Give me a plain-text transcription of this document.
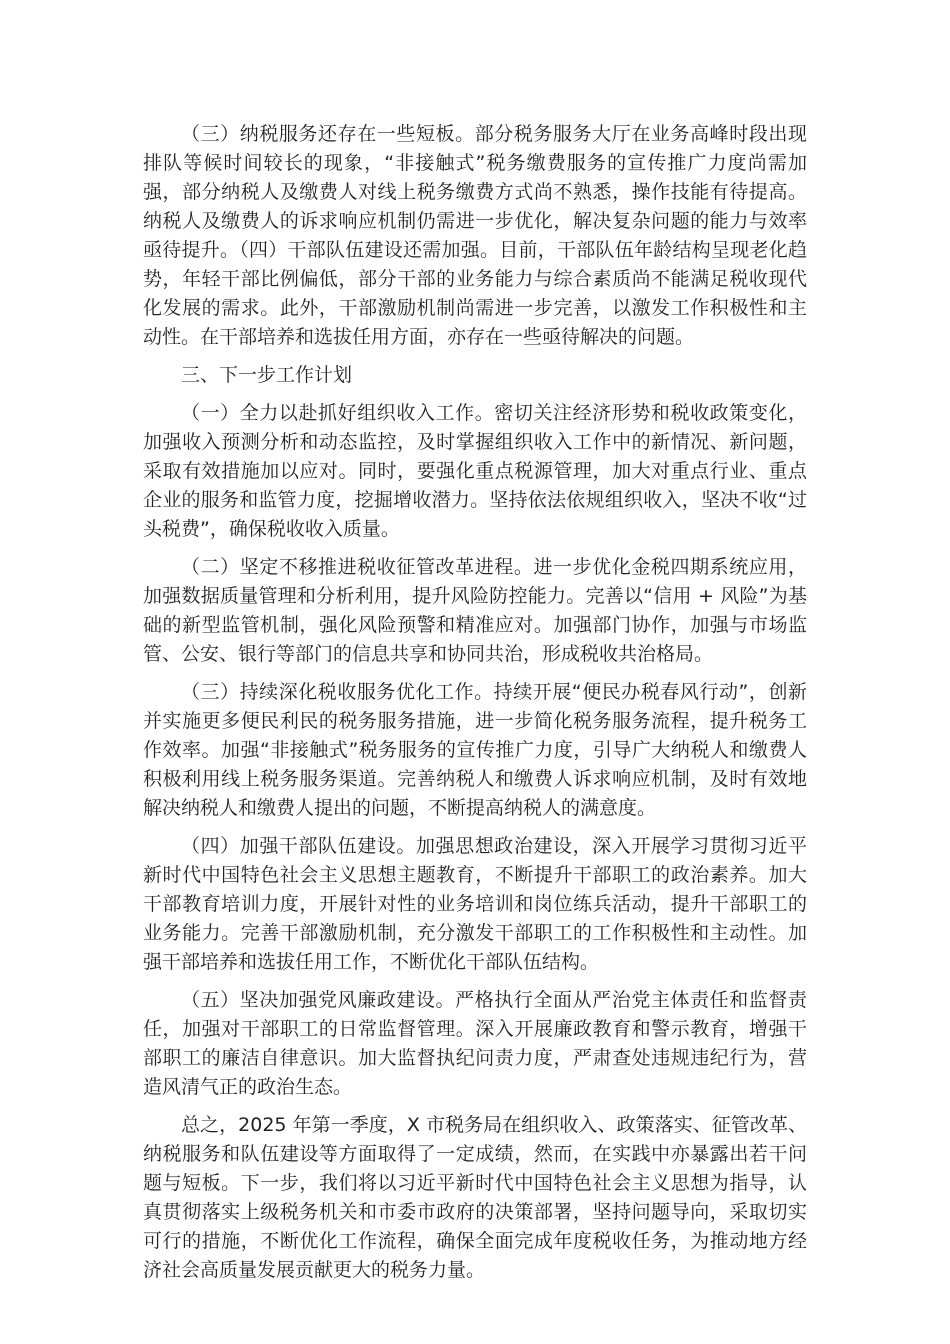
（三）纳税服务还存在一些短板。部分税务服务大厅在业务高峰时段出现排队等候时间较长的现象，“非接触式”税务缴费服务的宣传推广力度尚需加强，部分纳税人及缴费人对线上税务缴费方式尚不熟悉，操作技能有待提高。纳税人及缴费人的诉求响应机制仍需进一步优化，解决复杂问题的能力与效率亟待提升。（四）干部队伍建设还需加强。目前，干部队伍年龄结构呈现老化趋势，年轻干部比例偏低，部分干部的业务能力与综合素质尚不能满足税收现代化发展的需求。此外，干部激励机制尚需进一步完善，以激发工作积极性和主动性。在干部培养和选拔任用方面，亦存在一些亟待解决的问题。

三、下一步工作计划

（一）全力以赴抓好组织收入工作。密切关注经济形势和税收政策变化，加强收入预测分析和动态监控，及时掌握组织收入工作中的新情况、新问题，采取有效措施加以应对。同时，要强化重点税源管理，加大对重点行业、重点企业的服务和监管力度，挖掘增收潜力。坚持依法依规组织收入，坚决不收“过头税费”，确保税收收入质量。

（二）坚定不移推进税收征管改革进程。进一步优化金税四期系统应用，加强数据质量管理和分析利用，提升风险防控能力。完善以“信用 + 风险”为基础的新型监管机制，强化风险预警和精准应对。加强部门协作，加强与市场监管、公安、银行等部门的信息共享和协同共治，形成税收共治格局。

（三）持续深化税收服务优化工作。持续开展“便民办税春风行动”，创新并实施更多便民利民的税务服务措施，进一步简化税务服务流程，提升税务工作效率。加强“非接触式”税务服务的宣传推广力度，引导广大纳税人和缴费人积极利用线上税务服务渠道。完善纳税人和缴费人诉求响应机制，及时有效地解决纳税人和缴费人提出的问题，不断提高纳税人的满意度。

（四）加强干部队伍建设。加强思想政治建设，深入开展学习贯彻习近平新时代中国特色社会主义思想主题教育，不断提升干部职工的政治素养。加大干部教育培训力度，开展针对性的业务培训和岗位练兵活动，提升干部职工的业务能力。完善干部激励机制，充分激发干部职工的工作积极性和主动性。加强干部培养和选拔任用工作，不断优化干部队伍结构。

（五）坚决加强党风廉政建设。严格执行全面从严治党主体责任和监督责任，加强对干部职工的日常监督管理。深入开展廉政教育和警示教育，增强干部职工的廉洁自律意识。加大监督执纪问责力度，严肃查处违规违纪行为，营造风清气正的政治生态。

总之，2025 年第一季度，X 市税务局在组织收入、政策落实、征管改革、纳税服务和队伍建设等方面取得了一定成绩，然而，在实践中亦暴露出若干问题与短板。下一步，我们将以习近平新时代中国特色社会主义思想为指导，认真贯彻落实上级税务机关和市委市政府的决策部署，坚持问题导向，采取切实可行的措施，不断优化工作流程，确保全面完成年度税收任务，为推动地方经济社会高质量发展贡献更大的税务力量。
